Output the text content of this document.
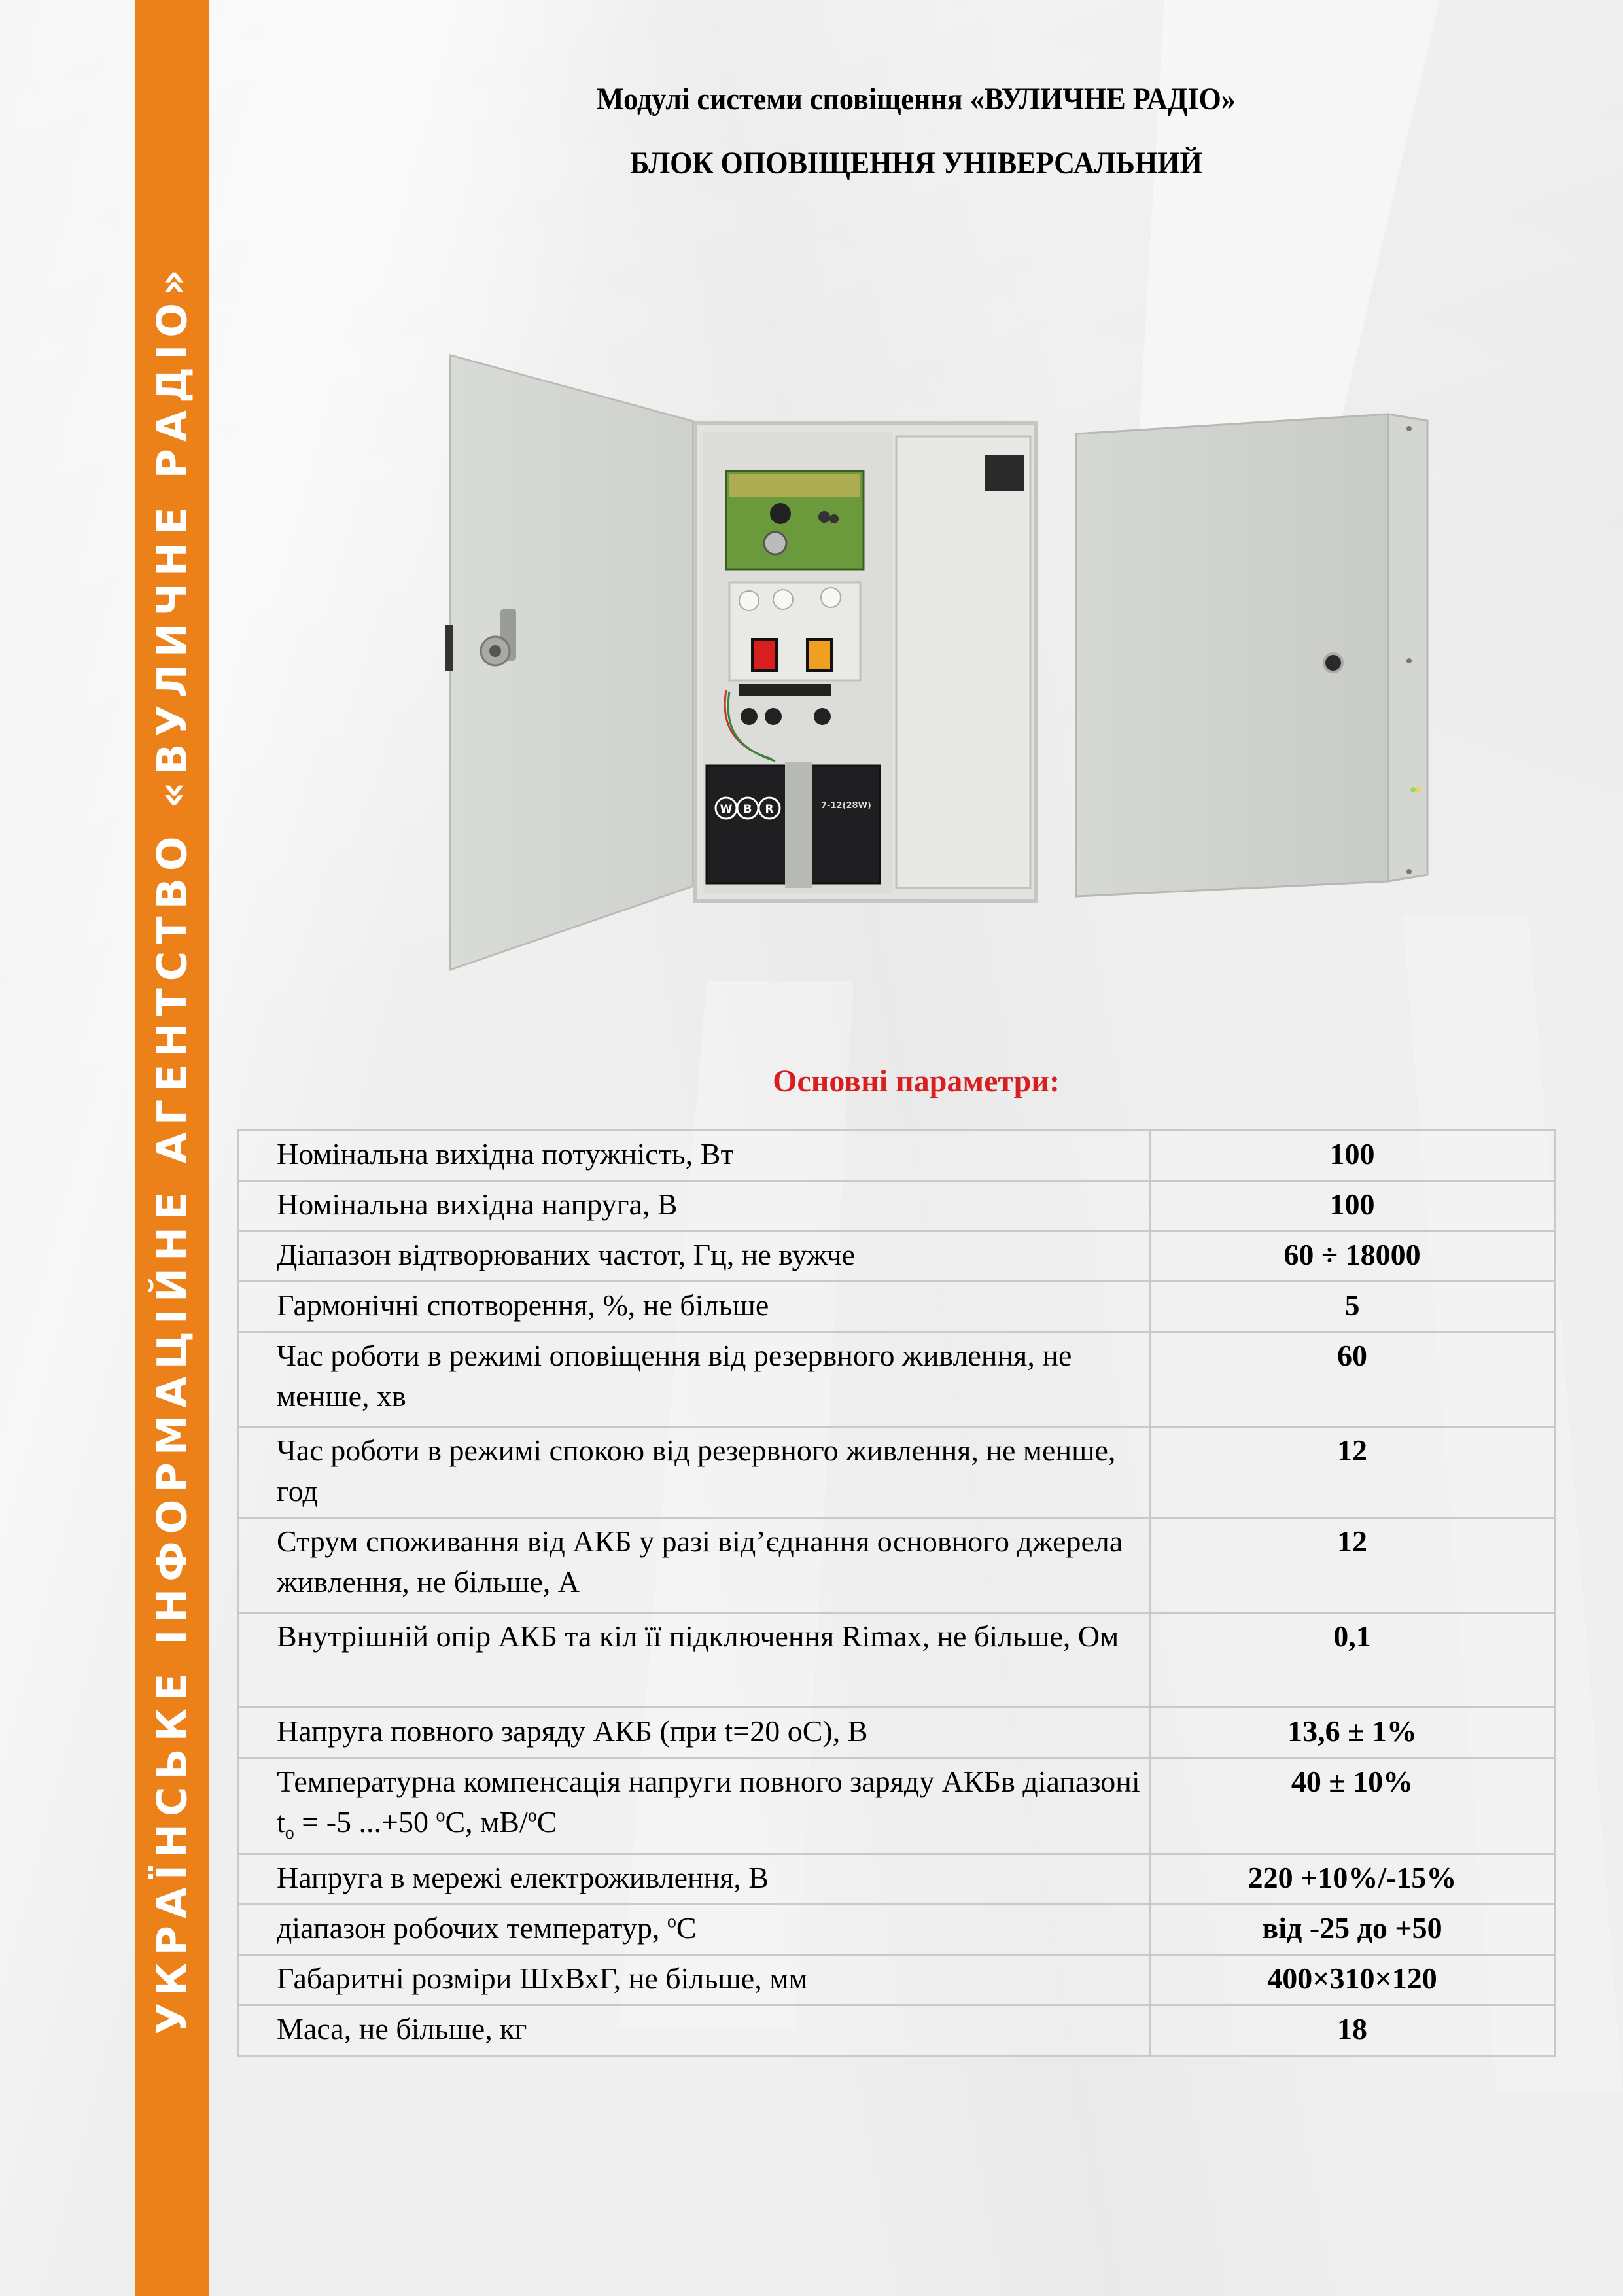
УКРАЇНСЬКЕ ІНФОРМАЦІЙНЕ АГЕНТСТВО «ВУЛИЧНЕ РАДІО»
Модулі системи сповіщення «ВУЛИЧНЕ РАДІО»
БЛОК ОПОВІЩЕННЯ УНІВЕРСАЛЬНИЙ
W B R	7-12(28W)
Основні параметри:
Номінальна вихідна потужність, Вт	100
Номінальна вихідна напруга, В	100
Діапазон відтворюваних частот, Гц, не вужче	60 ÷ 18000
Гармонічні спотворення, %, не більше	5
Час роботи в режимі оповіщення від резервного живлення, не менше, хв	60
Час роботи в режимі спокою від резервного живлення, не менше, год	12
Струм споживання від АКБ у разі від’єднання основного джерела живлення, не більше, А	12
Внутрішній опір АКБ та кіл її підключення Rimax, не більше, Ом	0,1
Напруга повного заряду АКБ (при t=20 оС), В	13,6 ± 1%
Температурна компенсація напруги повного заряду АКБв діапазоні $t_o = -5$ ...+50 $^o$С, мВ/$^o$С	40 ± 10%
Напруга в мережі електроживлення, В	220 +10%/-15%
діапазон робочих температур, $^o$С	від -25 до +50
Габаритні розміри ШхВхГ, не більше, мм	400×310×120
Маса, не більше, кг	18
